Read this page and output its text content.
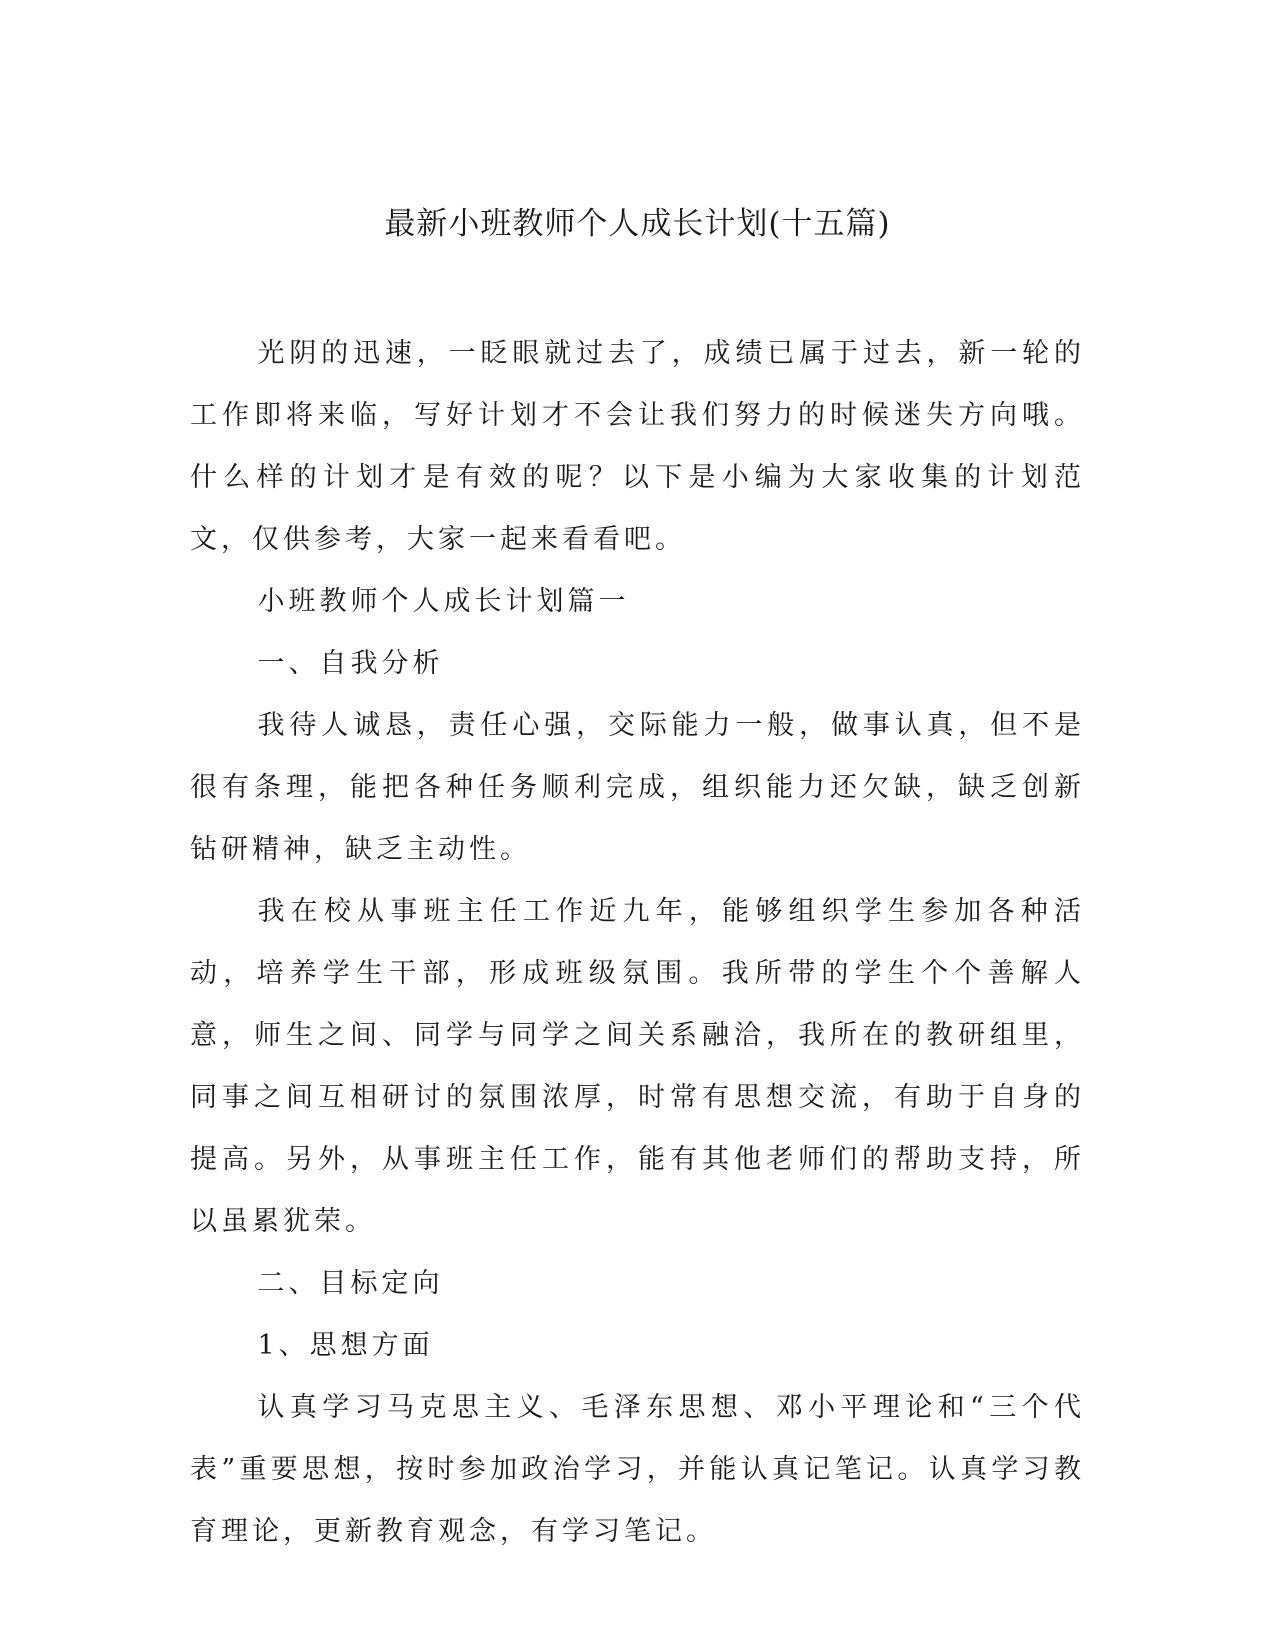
最新小班教师个人成长计划(十五篇)

光阴的迅速，一眨眼就过去了，成绩已属于过去，新一轮的工作即将来临，写好计划才不会让我们努力的时候迷失方向哦。什么样的计划才是有效的呢？以下是小编为大家收集的计划范文，仅供参考，大家一起来看看吧。

小班教师个人成长计划篇一

一、自我分析

我待人诚恳，责任心强，交际能力一般，做事认真，但不是很有条理，能把各种任务顺利完成，组织能力还欠缺，缺乏创新钻研精神，缺乏主动性。

我在校从事班主任工作近九年，能够组织学生参加各种活动，培养学生干部，形成班级氛围。我所带的学生个个善解人意，师生之间、同学与同学之间关系融洽，我所在的教研组里，同事之间互相研讨的氛围浓厚，时常有思想交流，有助于自身的提高。另外，从事班主任工作，能有其他老师们的帮助支持，所以虽累犹荣。

二、目标定向

1、思想方面

认真学习马克思主义、毛泽东思想、邓小平理论和“三个代表”重要思想，按时参加政治学习，并能认真记笔记。认真学习教育理论，更新教育观念，有学习笔记。
